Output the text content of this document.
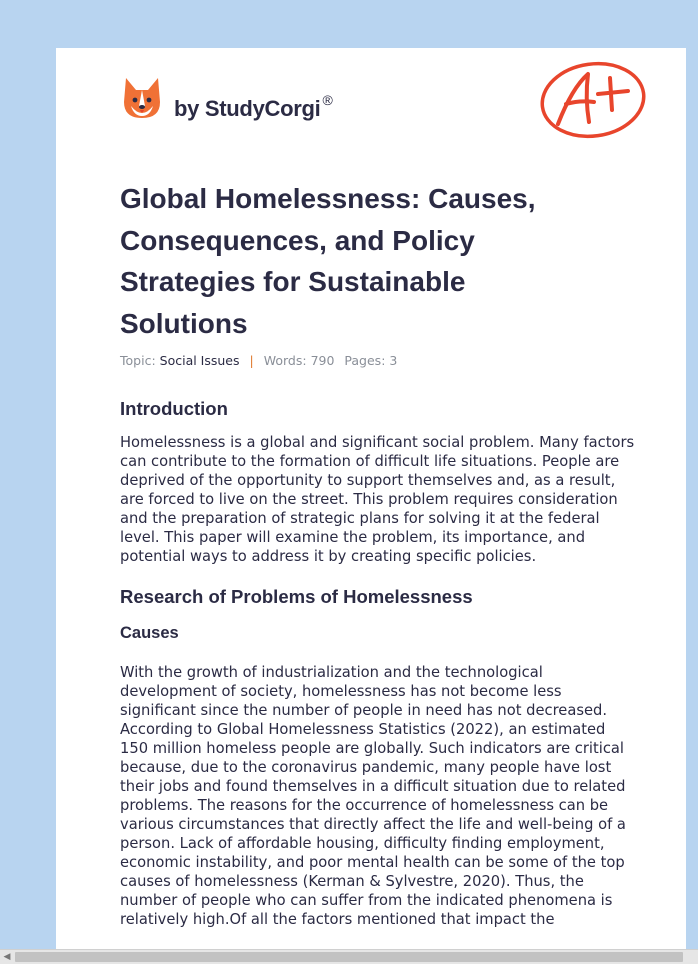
by StudyCorgi ®
Global Homelessness: Causes, Consequences, and Policy Strategies for Sustainable Solutions
Topic: Social Issues | Words: 790 Pages: 3
Introduction

Homelessness is a global and significant social problem. Many factors can contribute to the formation of difficult life situations. People are deprived of the opportunity to support themselves and, as a result, are forced to live on the street. This problem requires consideration and the preparation of strategic plans for solving it at the federal level. This paper will examine the problem, its importance, and potential ways to address it by creating specific policies.

Research of Problems of Homelessness
Causes

With the growth of industrialization and the technological development of society, homelessness has not become less significant since the number of people in need has not decreased. According to Global Homelessness Statistics (2022), an estimated 150 million homeless people are globally. Such indicators are critical because, due to the coronavirus pandemic, many people have lost their jobs and found themselves in a difficult situation due to related problems. The reasons for the occurrence of homelessness can be various circumstances that directly affect the life and well-being of a person. Lack of affordable housing, difficulty finding employment, economic instability, and poor mental health can be some of the top causes of homelessness (Kerman & Sylvestre, 2020). Thus, the number of people who can suffer from the indicated phenomena is relatively high.Of all the factors mentioned that impact the

◀
